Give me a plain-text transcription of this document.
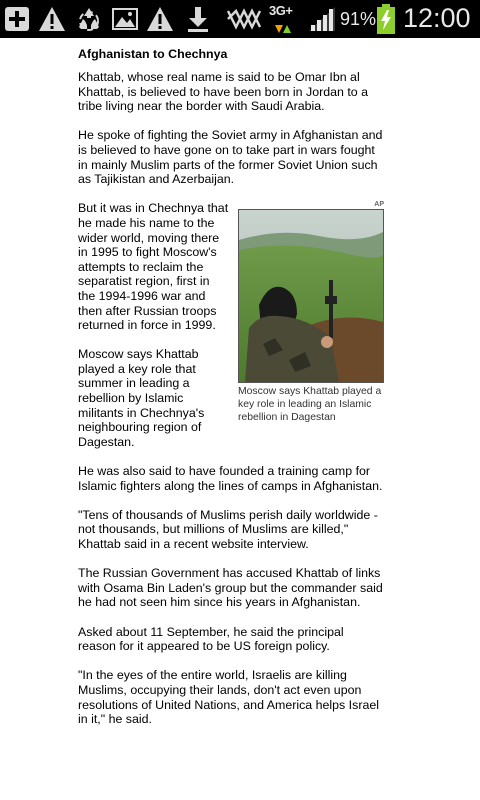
3G+	91% 12:00
Afghanistan to Chechnya

Khattab, whose real name is said to be Omar Ibn al Khattab, is believed to have been born in Jordan to a tribe living near the border with Saudi Arabia.

He spoke of fighting the Soviet army in Afghanistan and is believed to have gone on to take part in wars fought in mainly Muslim parts of the former Soviet Union such as Tajikistan and Azerbaijan.

AP
Moscow says Khattab played a key role in leading an Islamic rebellion in Dagestan

But it was in Chechnya that he made his name to the wider world, moving there in 1995 to fight Moscow's attempts to reclaim the separatist region, first in the 1994-1996 war and then after Russian troops returned in force in 1999.

Moscow says Khattab played a key role that summer in leading a rebellion by Islamic militants in Chechnya's neighbouring region of Dagestan.

He was also said to have founded a training camp for Islamic fighters along the lines of camps in Afghanistan.

"Tens of thousands of Muslims perish daily worldwide - not thousands, but millions of Muslims are killed," Khattab said in a recent website interview.

The Russian Government has accused Khattab of links with Osama Bin Laden's group but the commander said he had not seen him since his years in Afghanistan.

Asked about 11 September, he said the principal reason for it appeared to be US foreign policy.

"In the eyes of the entire world, Israelis are killing Muslims, occupying their lands, don't act even upon resolutions of United Nations, and America helps Israel in it," he said.
